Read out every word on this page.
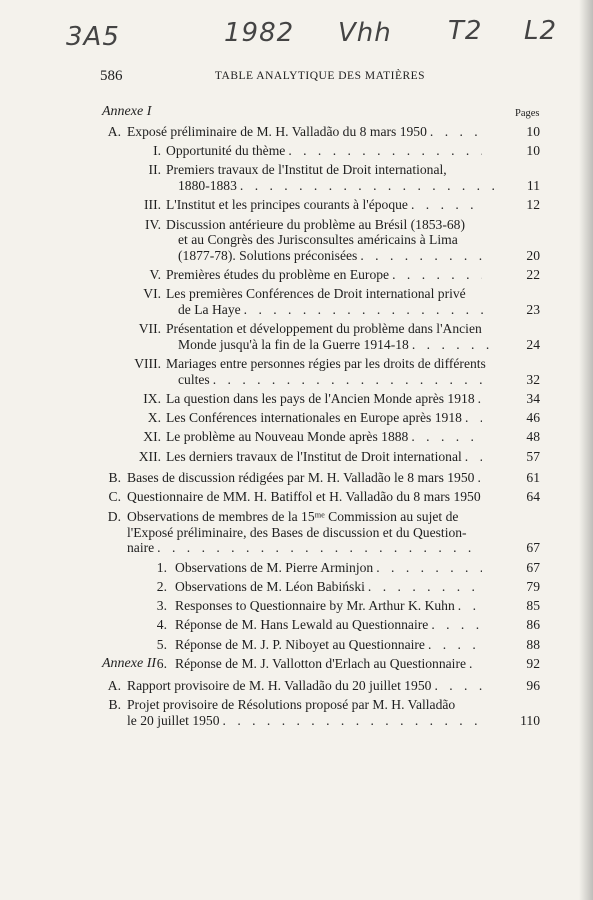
3A5	1982 Vhh T2 L2
586	TABLE ANALYTIQUE DES MATIÈRES
Annexe I	Pages
A. Exposé préliminaire de M. H. Valladão du 8 mars 1950 . . .	10
I. Opportunité du thème . . .	10
II. Premiers travaux de l'Institut de Droit international,
1880-1883 . . .	11
III. L'Institut et les principes courants à l'époque . . .	12
IV. Discussion antérieure du problème au Brésil (1853-68)
et au Congrès des Jurisconsultes américains à Lima
(1877-78). Solutions préconisées . . .	20
V. Premières études du problème en Europe . . .	22
VI. Les premières Conférences de Droit international privé
de La Haye . . .	23
VII. Présentation et développement du problème dans l'Ancien
Monde jusqu'à la fin de la Guerre 1914-18 . . .	24
VIII. Mariages entre personnes régies par les droits de différents
cultes . . .	32
IX. La question dans les pays de l'Ancien Monde après 1918 . . .	34
X. Les Conférences internationales en Europe après 1918 . . .	46
XI. Le problème au Nouveau Monde après 1888 . . .	48
XII. Les derniers travaux de l'Institut de Droit international . . .	57
B. Bases de discussion rédigées par M. H. Valladão le 8 mars 1950 . . .	61
C. Questionnaire de MM. H. Batiffol et H. Valladão du 8 mars 1950 . . .	64
D. Observations de membres de la 15ᵐᵉ Commission au sujet de
l'Exposé préliminaire, des Bases de discussion et du Question-
naire . . .	67
1. Observations de M. Pierre Arminjon . . .	67
2. Observations de M. Léon Babiński . . .	79
3. Responses to Questionnaire by Mr. Arthur K. Kuhn . . .	85
4. Réponse de M. Hans Lewald au Questionnaire . . .	86
5. Réponse de M. J. P. Niboyet au Questionnaire . . .	88
6. Réponse de M. J. Vallotton d'Erlach au Questionnaire . . .	92
Annexe II
A. Rapport provisoire de M. H. Valladão du 20 juillet 1950 . . .	96
B. Projet provisoire de Résolutions proposé par M. H. Valladão
le 20 juillet 1950 . . .	110
